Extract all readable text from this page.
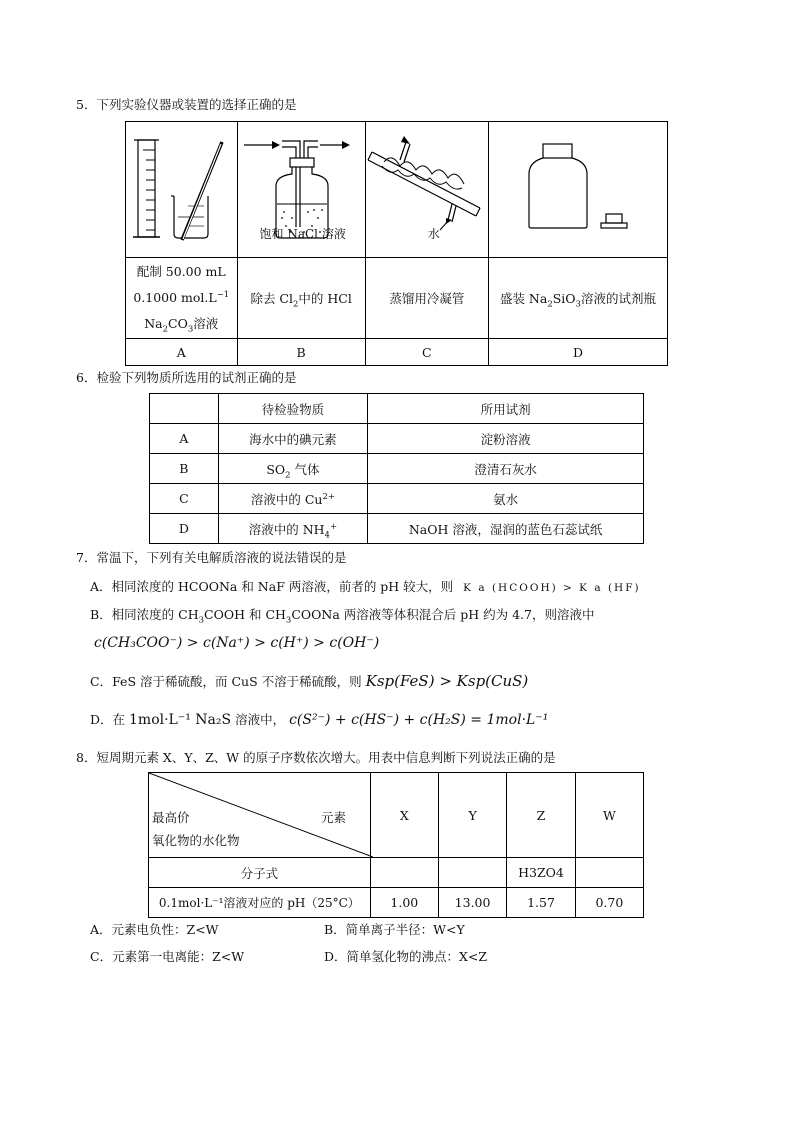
5．下列实验仪器或装置的选择正确的是

饱和 NaCl 溶液	水

配制 50.00 mL
0.1000 $mol.L^{-1}$
$Na_2CO_3$溶液	除去 $Cl_2$中的 HCl	蒸馏用冷凝管	盛装 $Na_2SiO_3$溶液的试剂瓶
A	B	C	D
6．检验下列物质所选用的试剂正确的是
	待检验物质	所用试剂
A	海水中的碘元素	淀粉溶液
B	$SO_2$ 气体	澄清石灰水
C	溶液中的 $Cu^{2+}$	氨水
D	溶液中的 $NH_4^+$	NaOH 溶液，湿润的蓝色石蕊试纸
7．常温下，下列有关电解质溶液的说法错误的是
A．相同浓度的 HCOONa 和 NaF 两溶液，前者的 pH 较大，则 K a (HCOOH) > K a (HF)
B．相同浓度的 $CH_3COOH$ 和 $CH_3COONa$ 两溶液等体积混合后 pH 约为 4.7，则溶液中
c(CH₃COO⁻) > c(Na⁺) > c(H⁺) > c(OH⁻)
C．FeS 溶于稀硫酸，而 CuS 不溶于稀硫酸，则 Ksp(FeS) > Ksp(CuS)
D．在 1mol·L⁻¹ Na₂S 溶液中， c(S²⁻) + c(HS⁻) + c(H₂S) = 1mol·L⁻¹
8．短周期元素 X、Y、Z、W 的原子序数依次增大。用表中信息判断下列说法正确的是
最高价 元素
氧化物的水化物	X	Y	Z	W
分子式			H3ZO4	
0.1mol·L⁻¹溶液对应的 pH（25°C）	1.00	13.00	1.57	0.70
A．元素电负性：Z<W	B．简单离子半径：W<Y
C．元素第一电离能：Z<W	D．简单氢化物的沸点：X<Z
